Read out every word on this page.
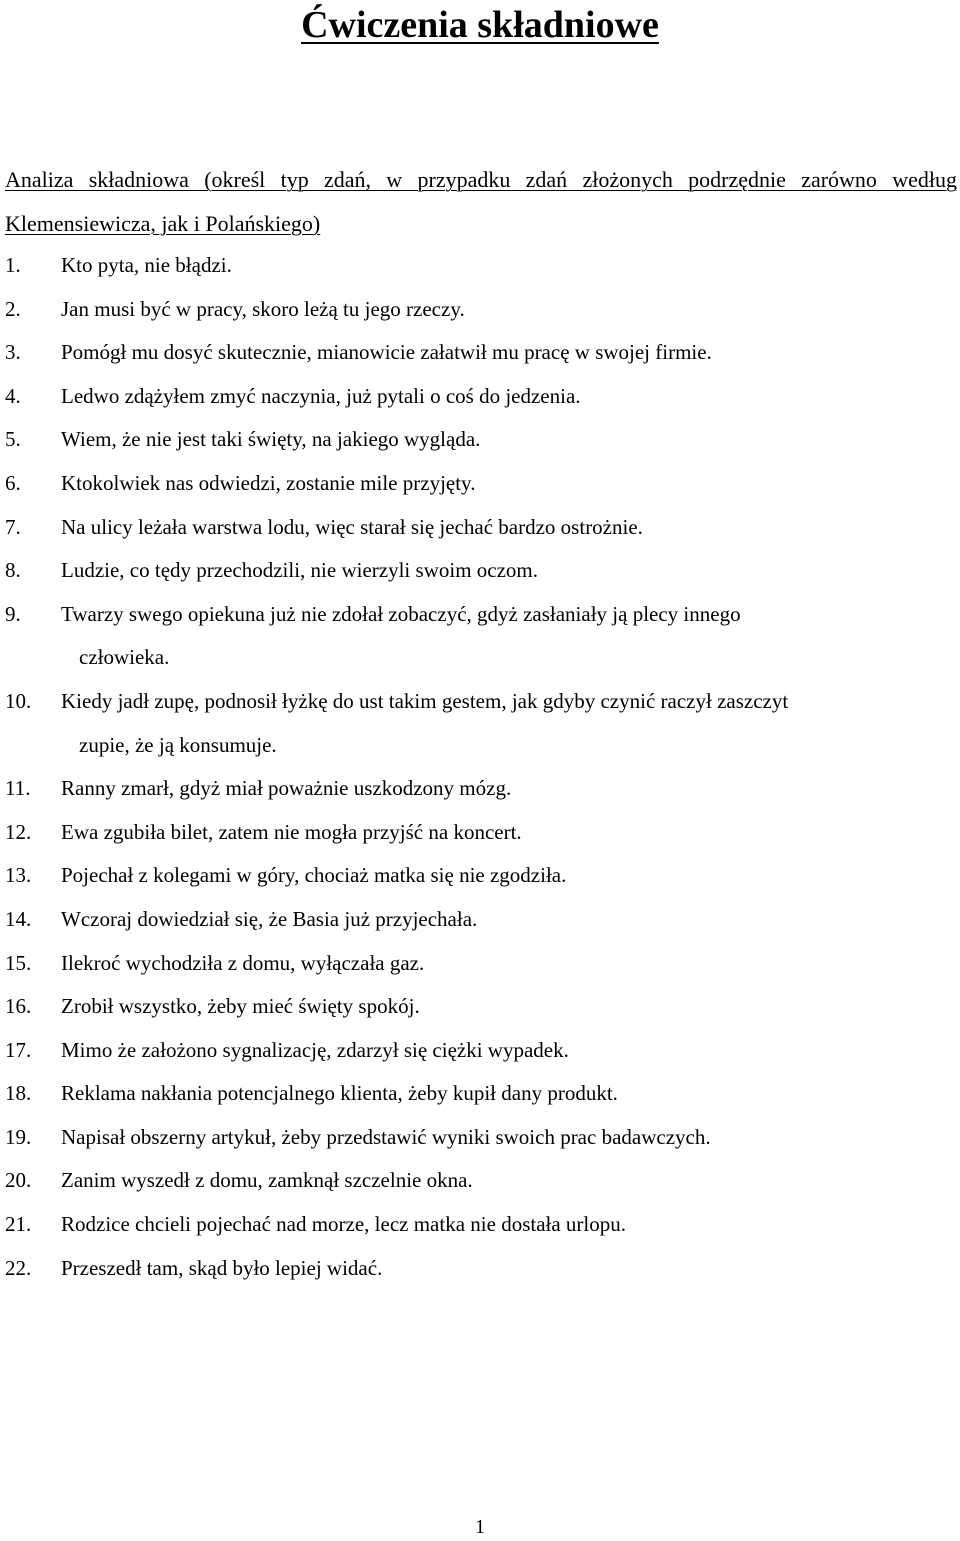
Ćwiczenia składniowe

Analiza składniowa (określ typ zdań, w przypadku zdań złożonych podrzędnie zarówno według Klemensiewicza, jak i Polańskiego)

1.	Kto pyta, nie błądzi.
2.	Jan musi być w pracy, skoro leżą tu jego rzeczy.
3.	Pomógł mu dosyć skutecznie, mianowicie załatwił mu pracę w swojej firmie.
4.	Ledwo zdążyłem zmyć naczynia, już pytali o coś do jedzenia.
5.	Wiem, że nie jest taki święty, na jakiego wygląda.
6.	Ktokolwiek nas odwiedzi, zostanie mile przyjęty.
7.	Na ulicy leżała warstwa lodu, więc starał się jechać bardzo ostrożnie.
8.	Ludzie, co tędy przechodzili, nie wierzyli swoim oczom.
9.	Twarzy swego opiekuna już nie zdołał zobaczyć, gdyż zasłaniały ją plecy innego
człowieka.
10.	Kiedy jadł zupę, podnosił łyżkę do ust takim gestem, jak gdyby czynić raczył zaszczyt
zupie, że ją konsumuje.
11.	Ranny zmarł, gdyż miał poważnie uszkodzony mózg.
12.	Ewa zgubiła bilet, zatem nie mogła przyjść na koncert.
13.	Pojechał z kolegami w góry, chociaż matka się nie zgodziła.
14.	Wczoraj dowiedział się, że Basia już przyjechała.
15.	Ilekroć wychodziła z domu, wyłączała gaz.
16.	Zrobił wszystko, żeby mieć święty spokój.
17.	Mimo że założono sygnalizację, zdarzył się ciężki wypadek.
18.	Reklama nakłania potencjalnego klienta, żeby kupił dany produkt.
19.	Napisał obszerny artykuł, żeby przedstawić wyniki swoich prac badawczych.
20.	Zanim wyszedł z domu, zamknął szczelnie okna.
21.	Rodzice chcieli pojechać nad morze, lecz matka nie dostała urlopu.
22.	Przeszedł tam, skąd było lepiej widać.
1
